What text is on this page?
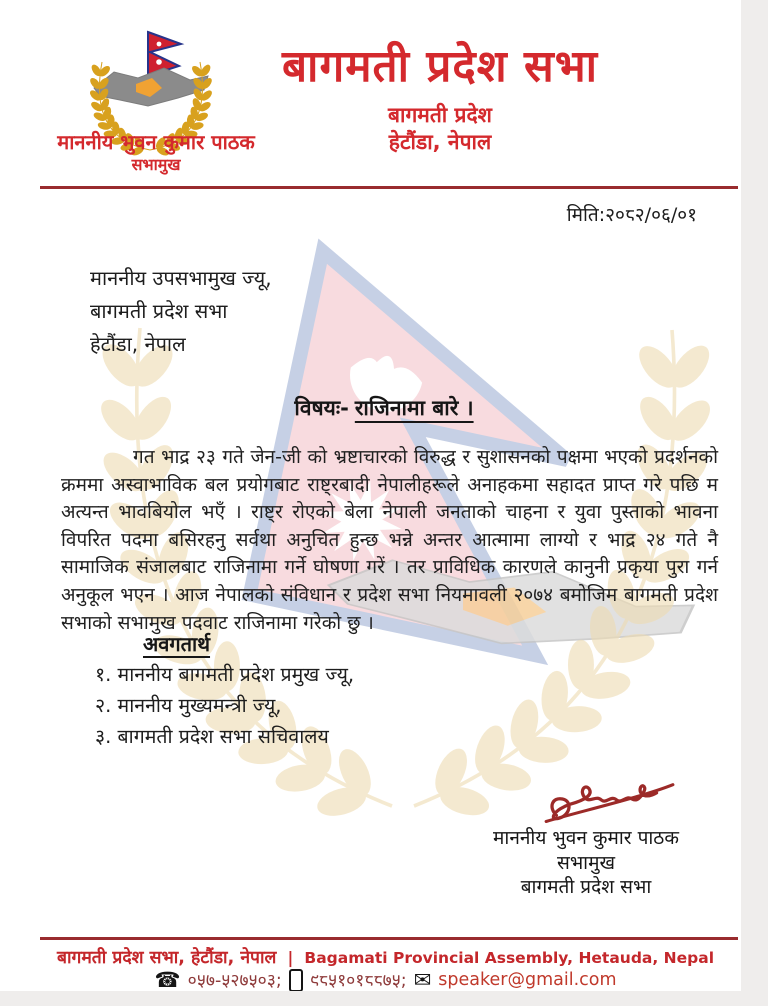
बागमती प्रदेश सभा
बागमती प्रदेश
हेटौंडा, नेपाल
माननीय भुवन कुमार पाठक
सभामुख
मिति:२०८२/०६/०१
माननीय उपसभामुख ज्यू,
बागमती प्रदेश सभा
हेटौंडा, नेपाल
विषयः- राजिनामा बारे ।
गत भाद्र २३ गते जेन-जी को भ्रष्टाचारको विरुद्ध र सुशासनको पक्षमा भएको प्रदर्शनको क्रममा अस्वाभाविक बल प्रयोगबाट राष्ट्रबादी नेपालीहरूले अनाहकमा सहादत प्राप्त गरे पछि म अत्यन्त भावबियोल भएँ । राष्ट्र रोएको बेला नेपाली जनताको चाहना र युवा पुस्ताको भावना विपरित पदमा बसिरहनु सर्वथा अनुचित हुन्छ भन्ने अन्तर आत्मामा लाग्यो र भाद्र २४ गते नै सामाजिक संजालबाट राजिनामा गर्ने घोषणा गरें । तर प्राविधिक कारणले कानुनी प्रकृया पुरा गर्न अनुकूल भएन । आज नेपालको संविधान र प्रदेश सभा नियमावली २०७४ बमोजिम बागमती प्रदेश सभाको सभामुख पदवाट राजिनामा गरेको छु ।
अवगतार्थ
१. माननीय बागमती प्रदेश प्रमुख ज्यू,
२. माननीय मुख्यमन्त्री ज्यू,
३. बागमती प्रदेश सभा सचिवालय
माननीय भुवन कुमार पाठक
सभामुख
बागमती प्रदेश सभा
बागमती प्रदेश सभा, हेटौंडा, नेपाल | Bagamati Provincial Assembly, Hetauda, Nepal
☎ ०५७-५२७५०३; ९८५१०१८८७५; ✉ speaker@gmail.com
